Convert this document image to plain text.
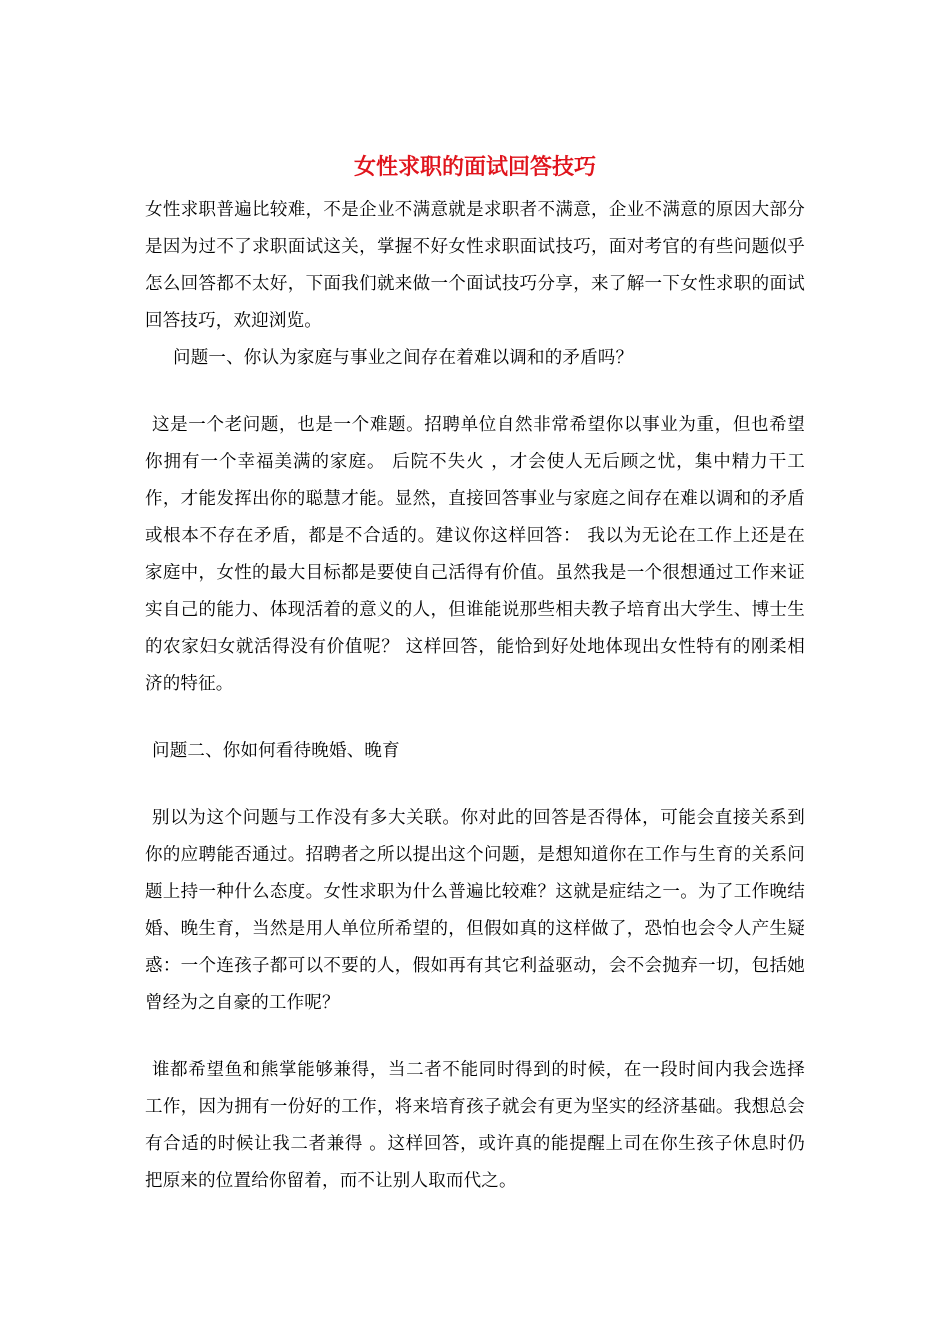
女性求职的面试回答技巧

女性求职普遍比较难，不是企业不满意就是求职者不满意，企业不满意的原因大部分是因为过不了求职面试这关，掌握不好女性求职面试技巧，面对考官的有些问题似乎怎么回答都不太好，下面我们就来做一个面试技巧分享，来了解一下女性求职的面试回答技巧，欢迎浏览。

问题一、你认为家庭与事业之间存在着难以调和的矛盾吗？

这是一个老问题，也是一个难题。招聘单位自然非常希望你以事业为重，但也希望你拥有一个幸福美满的家庭。 后院不失火 ，才会使人无后顾之忧，集中精力干工作，才能发挥出你的聪慧才能。显然，直接回答事业与家庭之间存在难以调和的矛盾或根本不存在矛盾，都是不合适的。建议你这样回答： 我以为无论在工作上还是在家庭中，女性的最大目标都是要使自己活得有价值。虽然我是一个很想通过工作来证实自己的能力、体现活着的意义的人，但谁能说那些相夫教子培育出大学生、博士生的农家妇女就活得没有价值呢？ 这样回答，能恰到好处地体现出女性特有的刚柔相济的特征。

问题二、你如何看待晚婚、晚育

别以为这个问题与工作没有多大关联。你对此的回答是否得体，可能会直接关系到你的应聘能否通过。招聘者之所以提出这个问题，是想知道你在工作与生育的关系问题上持一种什么态度。女性求职为什么普遍比较难？这就是症结之一。为了工作晚结婚、晚生育，当然是用人单位所希望的，但假如真的这样做了，恐怕也会令人产生疑惑：一个连孩子都可以不要的人，假如再有其它利益驱动，会不会抛弃一切，包括她曾经为之自豪的工作呢？

谁都希望鱼和熊掌能够兼得，当二者不能同时得到的时候，在一段时间内我会选择工作，因为拥有一份好的工作，将来培育孩子就会有更为坚实的经济基础。我想总会有合适的时候让我二者兼得 。这样回答，或许真的能提醒上司在你生孩子休息时仍把原来的位置给你留着，而不让别人取而代之。
